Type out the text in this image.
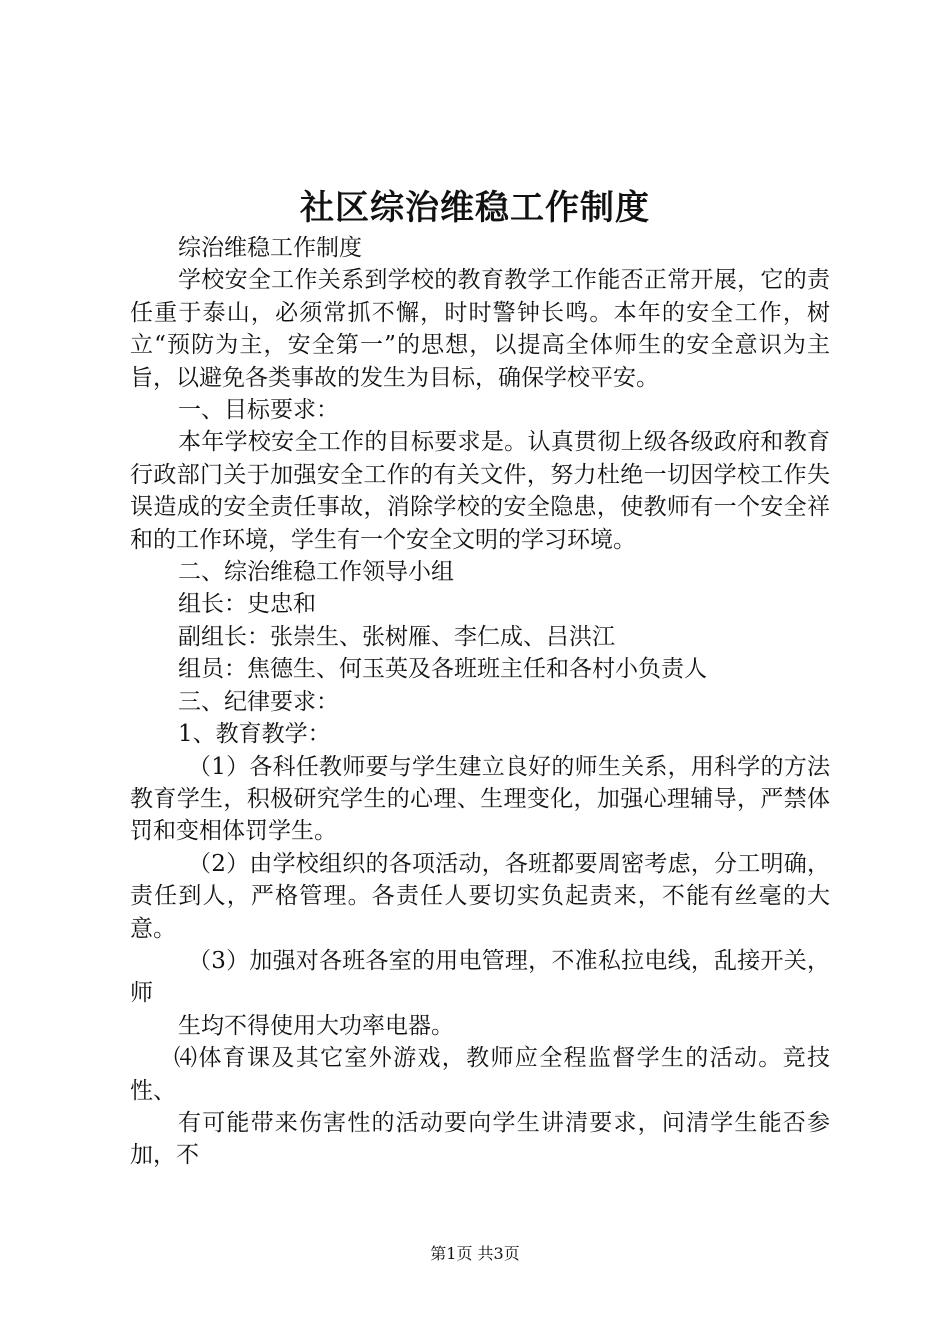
社区综治维稳工作制度

综治维稳工作制度

学校安全工作关系到学校的教育教学工作能否正常开展，它的责任重于泰山，必须常抓不懈，时时警钟长鸣。本年的安全工作，树立“预防为主，安全第一”的思想，以提高全体师生的安全意识为主旨，以避免各类事故的发生为目标，确保学校平安。

一、目标要求：

本年学校安全工作的目标要求是。认真贯彻上级各级政府和教育行政部门关于加强安全工作的有关文件，努力杜绝一切因学校工作失误造成的安全责任事故，消除学校的安全隐患，使教师有一个安全祥和的工作环境，学生有一个安全文明的学习环境。

二、综治维稳工作领导小组

组长：史忠和

副组长：张崇生、张树雁、李仁成、吕洪江

组员：焦德生、何玉英及各班班主任和各村小负责人

三、纪律要求：

1、教育教学：

（1）各科任教师要与学生建立良好的师生关系，用科学的方法教育学生，积极研究学生的心理、生理变化，加强心理辅导，严禁体罚和变相体罚学生。

（2）由学校组织的各项活动，各班都要周密考虑，分工明确，责任到人，严格管理。各责任人要切实负起责来，不能有丝毫的大意。

（3）加强对各班各室的用电管理，不准私拉电线，乱接开关，师

生均不得使用大功率电器。

⑷体育课及其它室外游戏，教师应全程监督学生的活动。竞技性、

有可能带来伤害性的活动要向学生讲清要求，问清学生能否参加，不

第1页 共3页
